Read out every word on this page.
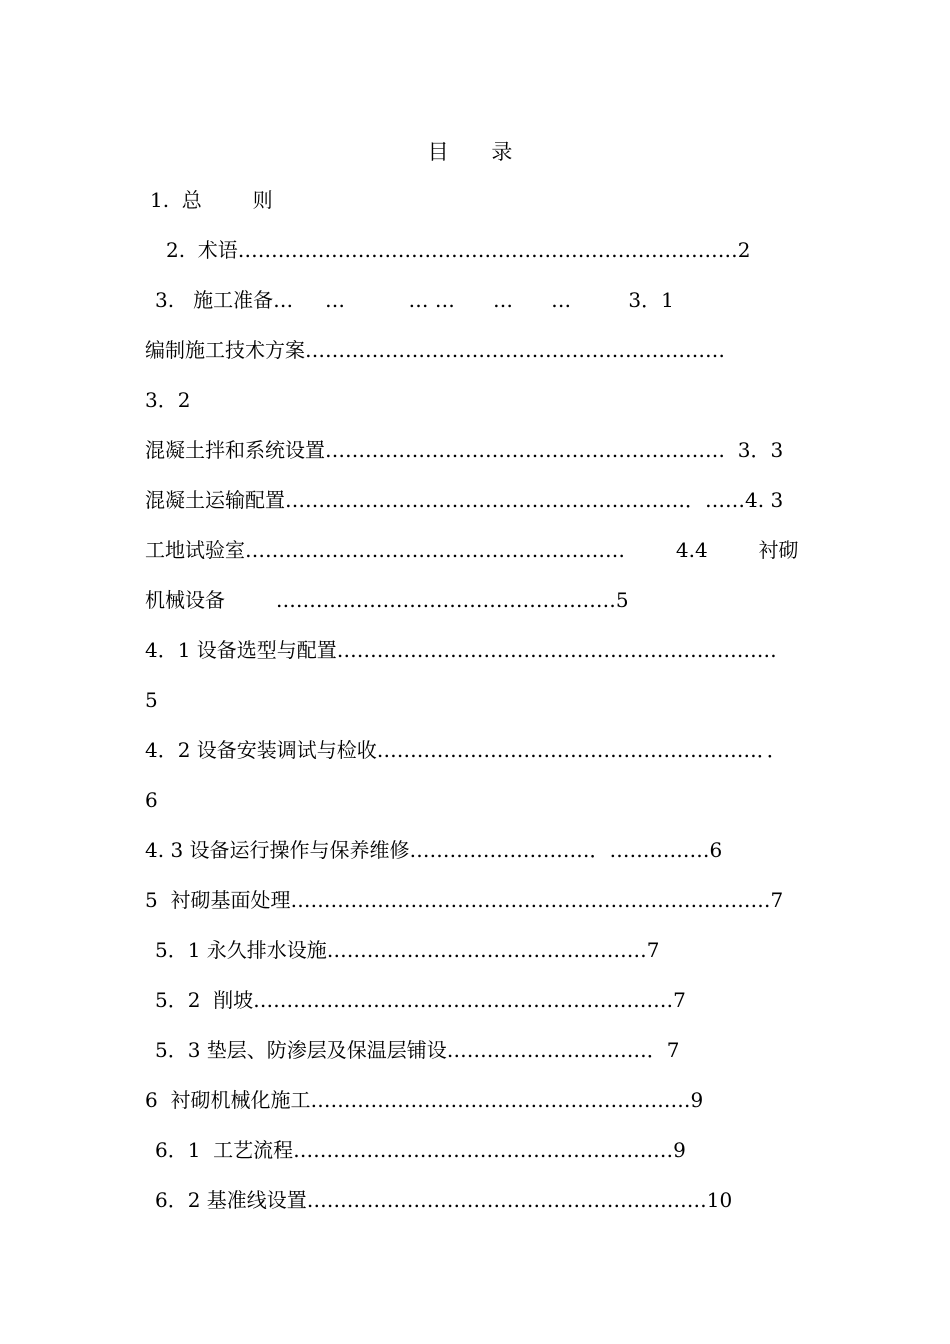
目 录
1.  总        则
2.  术语…………………………………………………………………2
3.   施工准备…     …          … …      …      …         3．1
编制施工技术方案………………………………………………………
3．2
混凝土拌和系统设置……………………………………………………  3．3
混凝土运输配置……………………………………………………．……4. 3
工地试验室…………………………………………………        4.4        衬砌
机械设备        ……………………………………………5
4．1 设备选型与配置…………………………………………………………
5
4．2 设备安装调试与检收…………………………………………………．．
6
4. 3 设备运行操作与保养维修………………………．……………6
5  衬砌基面处理………………………………………………………………7
5．1 永久排水设施…………………………………………7
5．2  削坡………………………………………………………7
5．3 垫层、防渗层及保温层铺设…………………………．7
6  衬砌机械化施工…………………………………………………9
6．1  工艺流程…………………………………………………9
6．2 基准线设置……………………………………………………10
